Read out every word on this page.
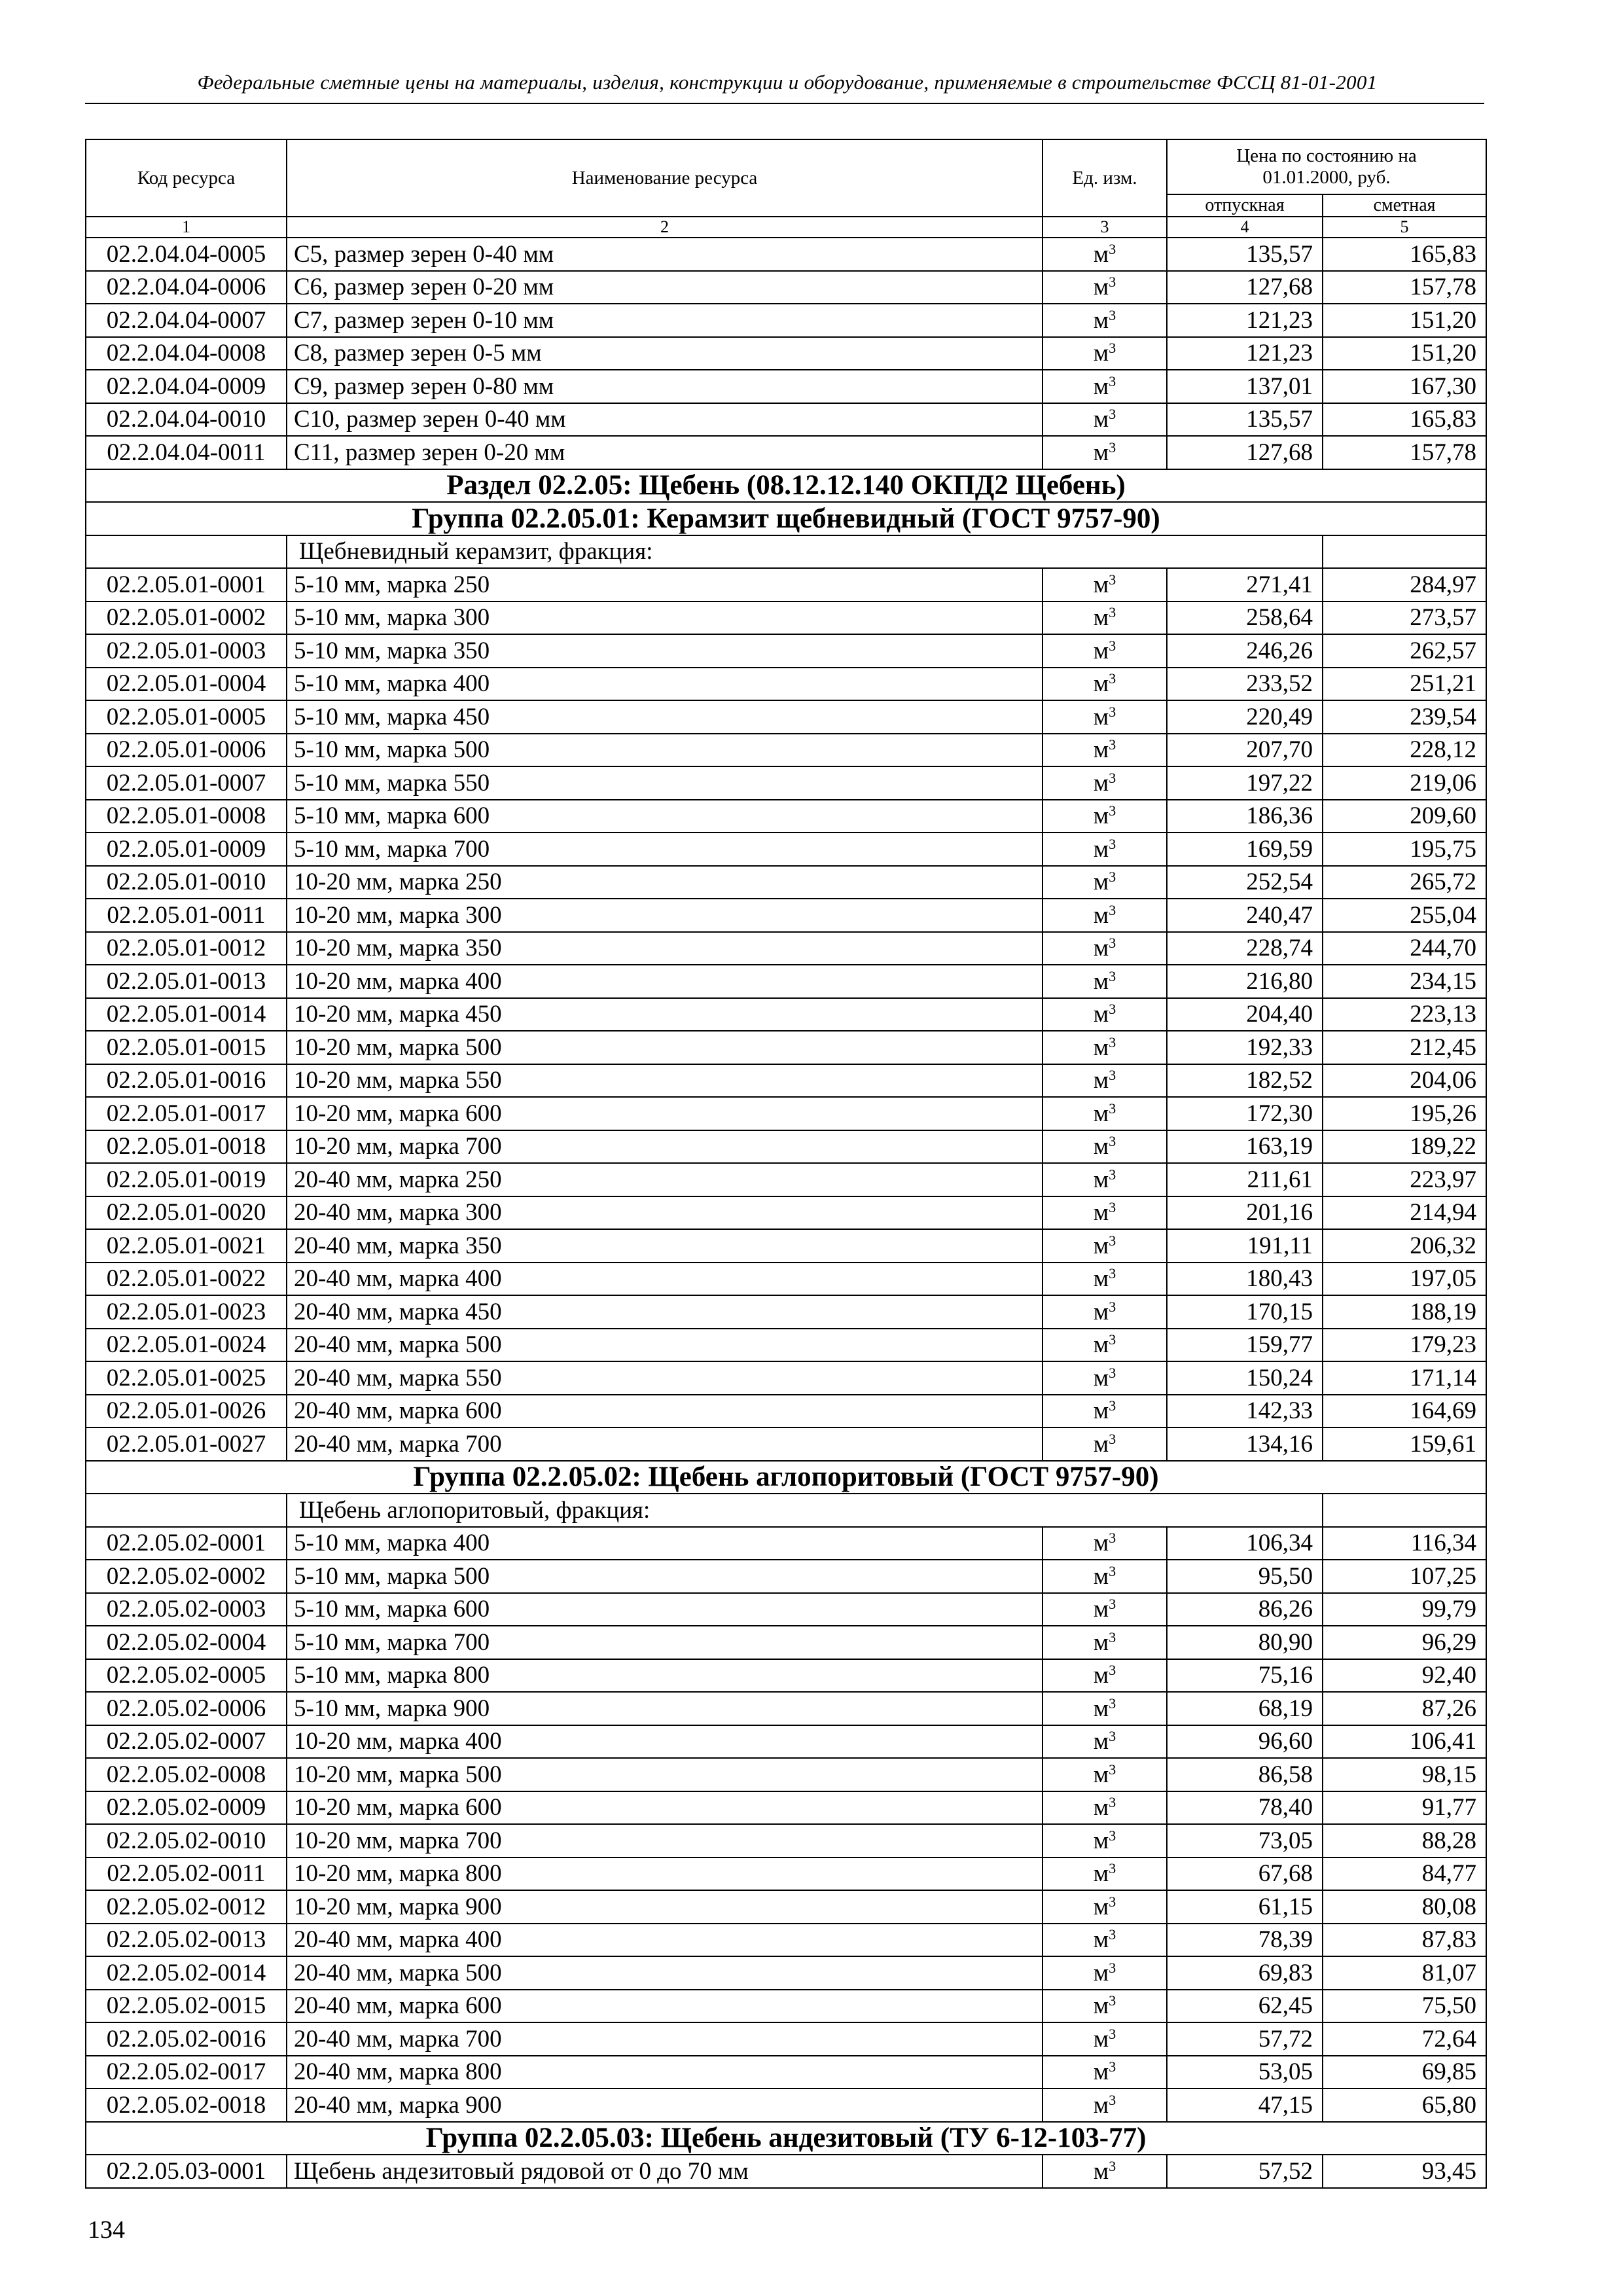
Федеральные сметные цены на материалы, изделия, конструкции и оборудование, применяемые в строительстве ФССЦ 81-01-2001
Код ресурса	Наименование ресурса	Ед. изм.	Цена по состоянию на 01.01.2000, руб.	
			отпускная	сметная
1	2	3	4	5
02.2.04.04-0005	С5, размер зерен 0-40 мм	$м^3$	135,57	165,83
02.2.04.04-0006	С6, размер зерен 0-20 мм	$м^3$	127,68	157,78
02.2.04.04-0007	С7, размер зерен 0-10 мм	$м^3$	121,23	151,20
02.2.04.04-0008	С8, размер зерен 0-5 мм	$м^3$	121,23	151,20
02.2.04.04-0009	С9, размер зерен 0-80 мм	$м^3$	137,01	167,30
02.2.04.04-0010	С10, размер зерен 0-40 мм	$м^3$	135,57	165,83
02.2.04.04-0011	С11, размер зерен 0-20 мм	$м^3$	127,68	157,78
Раздел 02.2.05: Щебень (08.12.12.140 ОКПД2 Щебень)				
Группа 02.2.05.01: Керамзит щебневидный (ГОСТ 9757-90)				
	Щебневидный керамзит, фракция:			
02.2.05.01-0001	5-10 мм, марка 250	$м^3$	271,41	284,97
02.2.05.01-0002	5-10 мм, марка 300	$м^3$	258,64	273,57
02.2.05.01-0003	5-10 мм, марка 350	$м^3$	246,26	262,57
02.2.05.01-0004	5-10 мм, марка 400	$м^3$	233,52	251,21
02.2.05.01-0005	5-10 мм, марка 450	$м^3$	220,49	239,54
02.2.05.01-0006	5-10 мм, марка 500	$м^3$	207,70	228,12
02.2.05.01-0007	5-10 мм, марка 550	$м^3$	197,22	219,06
02.2.05.01-0008	5-10 мм, марка 600	$м^3$	186,36	209,60
02.2.05.01-0009	5-10 мм, марка 700	$м^3$	169,59	195,75
02.2.05.01-0010	10-20 мм, марка 250	$м^3$	252,54	265,72
02.2.05.01-0011	10-20 мм, марка 300	$м^3$	240,47	255,04
02.2.05.01-0012	10-20 мм, марка 350	$м^3$	228,74	244,70
02.2.05.01-0013	10-20 мм, марка 400	$м^3$	216,80	234,15
02.2.05.01-0014	10-20 мм, марка 450	$м^3$	204,40	223,13
02.2.05.01-0015	10-20 мм, марка 500	$м^3$	192,33	212,45
02.2.05.01-0016	10-20 мм, марка 550	$м^3$	182,52	204,06
02.2.05.01-0017	10-20 мм, марка 600	$м^3$	172,30	195,26
02.2.05.01-0018	10-20 мм, марка 700	$м^3$	163,19	189,22
02.2.05.01-0019	20-40 мм, марка 250	$м^3$	211,61	223,97
02.2.05.01-0020	20-40 мм, марка 300	$м^3$	201,16	214,94
02.2.05.01-0021	20-40 мм, марка 350	$м^3$	191,11	206,32
02.2.05.01-0022	20-40 мм, марка 400	$м^3$	180,43	197,05
02.2.05.01-0023	20-40 мм, марка 450	$м^3$	170,15	188,19
02.2.05.01-0024	20-40 мм, марка 500	$м^3$	159,77	179,23
02.2.05.01-0025	20-40 мм, марка 550	$м^3$	150,24	171,14
02.2.05.01-0026	20-40 мм, марка 600	$м^3$	142,33	164,69
02.2.05.01-0027	20-40 мм, марка 700	$м^3$	134,16	159,61
Группа 02.2.05.02: Щебень аглопоритовый (ГОСТ 9757-90)				
	Щебень аглопоритовый, фракция:			
02.2.05.02-0001	5-10 мм, марка 400	$м^3$	106,34	116,34
02.2.05.02-0002	5-10 мм, марка 500	$м^3$	95,50	107,25
02.2.05.02-0003	5-10 мм, марка 600	$м^3$	86,26	99,79
02.2.05.02-0004	5-10 мм, марка 700	$м^3$	80,90	96,29
02.2.05.02-0005	5-10 мм, марка 800	$м^3$	75,16	92,40
02.2.05.02-0006	5-10 мм, марка 900	$м^3$	68,19	87,26
02.2.05.02-0007	10-20 мм, марка 400	$м^3$	96,60	106,41
02.2.05.02-0008	10-20 мм, марка 500	$м^3$	86,58	98,15
02.2.05.02-0009	10-20 мм, марка 600	$м^3$	78,40	91,77
02.2.05.02-0010	10-20 мм, марка 700	$м^3$	73,05	88,28
02.2.05.02-0011	10-20 мм, марка 800	$м^3$	67,68	84,77
02.2.05.02-0012	10-20 мм, марка 900	$м^3$	61,15	80,08
02.2.05.02-0013	20-40 мм, марка 400	$м^3$	78,39	87,83
02.2.05.02-0014	20-40 мм, марка 500	$м^3$	69,83	81,07
02.2.05.02-0015	20-40 мм, марка 600	$м^3$	62,45	75,50
02.2.05.02-0016	20-40 мм, марка 700	$м^3$	57,72	72,64
02.2.05.02-0017	20-40 мм, марка 800	$м^3$	53,05	69,85
02.2.05.02-0018	20-40 мм, марка 900	$м^3$	47,15	65,80
Группа 02.2.05.03: Щебень андезитовый (ТУ 6-12-103-77)				
02.2.05.03-0001	Щебень андезитовый рядовой от 0 до 70 мм	$м^3$	57,52	93,45
134
